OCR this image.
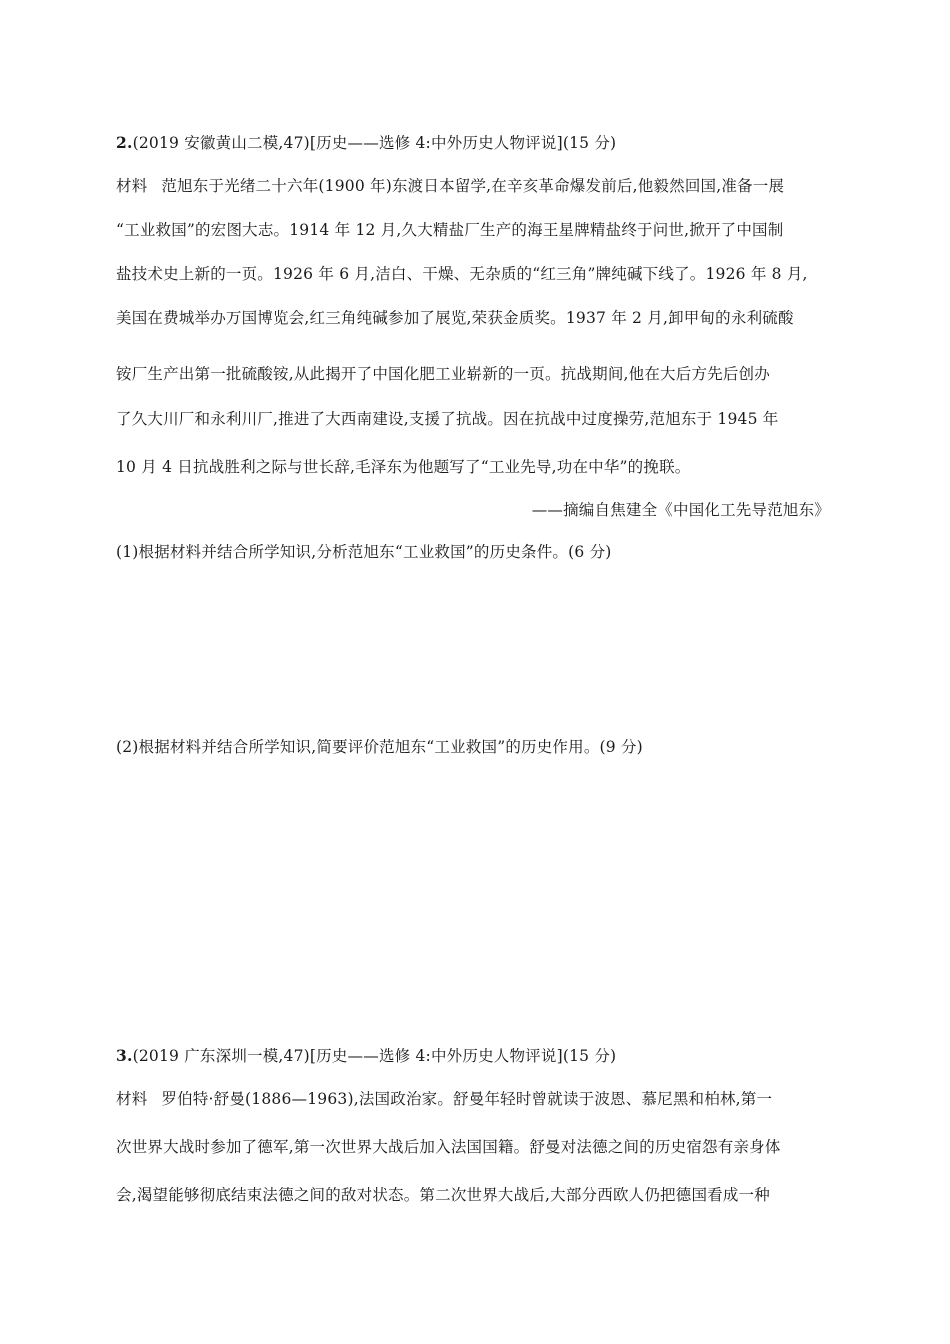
2.(2019 安徽黄山二模,47)[历史——选修 4:中外历史人物评说](15 分)
材料 范旭东于光绪二十六年(1900 年)东渡日本留学,在辛亥革命爆发前后,他毅然回国,准备一展
“工业救国”的宏图大志。1914 年 12 月,久大精盐厂生产的海王星牌精盐终于问世,掀开了中国制
盐技术史上新的一页。1926 年 6 月,洁白、干燥、无杂质的“红三角”牌纯碱下线了。1926 年 8 月,
美国在费城举办万国博览会,红三角纯碱参加了展览,荣获金质奖。1937 年 2 月,卸甲甸的永利硫酸
铵厂生产出第一批硫酸铵,从此揭开了中国化肥工业崭新的一页。抗战期间,他在大后方先后创办
了久大川厂和永利川厂,推进了大西南建设,支援了抗战。因在抗战中过度操劳,范旭东于 1945 年
10 月 4 日抗战胜利之际与世长辞,毛泽东为他题写了“工业先导,功在中华”的挽联。
——摘编自焦建全《中国化工先导范旭东》
(1)根据材料并结合所学知识,分析范旭东“工业救国”的历史条件。(6 分)
(2)根据材料并结合所学知识,简要评价范旭东“工业救国”的历史作用。(9 分)
3.(2019 广东深圳一模,47)[历史——选修 4:中外历史人物评说](15 分)
材料 罗伯特·舒曼(1886—1963),法国政治家。舒曼年轻时曾就读于波恩、慕尼黑和柏林,第一
次世界大战时参加了德军,第一次世界大战后加入法国国籍。舒曼对法德之间的历史宿怨有亲身体
会,渴望能够彻底结束法德之间的敌对状态。第二次世界大战后,大部分西欧人仍把德国看成一种
